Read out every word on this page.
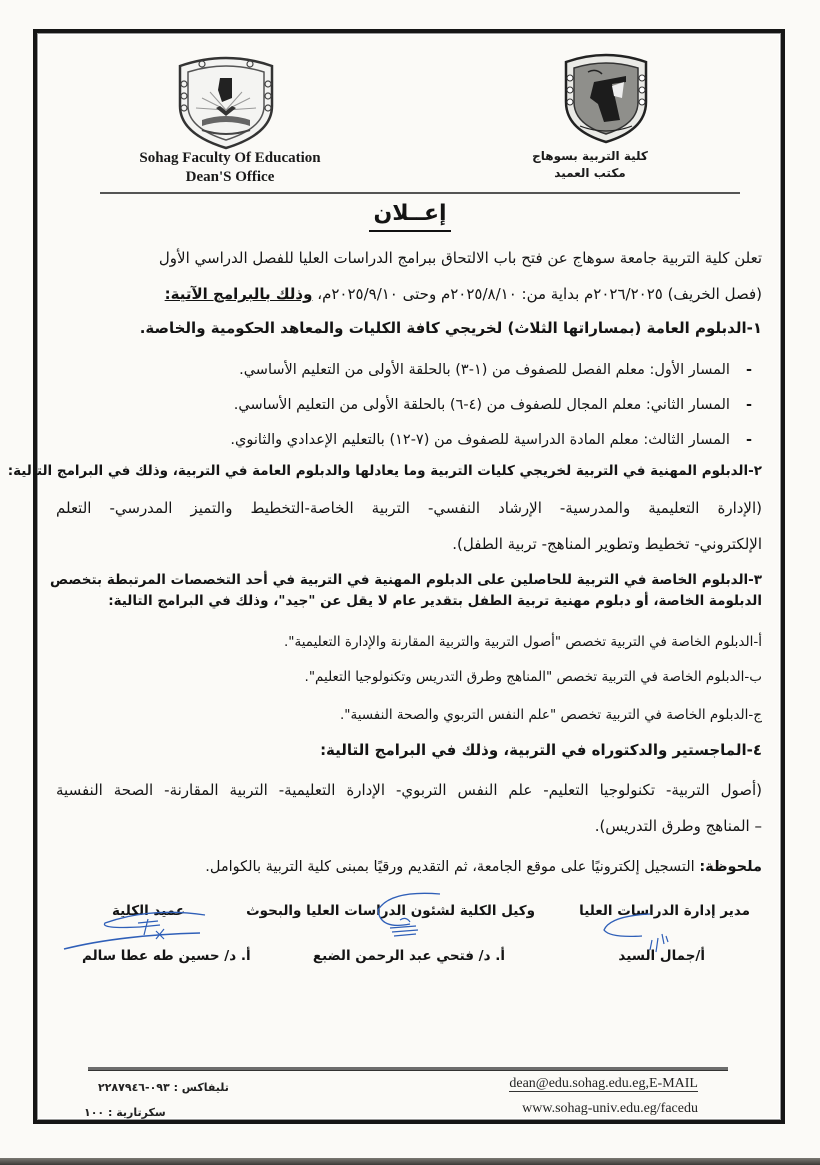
Sohag Faculty Of Education
Dean'S Office
كلية التربية بسوهاج
مكتب العميد
إعــلان
تعلن كلية التربية جامعة سوهاج عن فتح باب الالتحاق ببرامج الدراسات العليا للفصل الدراسي الأول
(فصل الخريف) ٢٠٢٦/٢٠٢٥م بداية من: ٢٠٢٥/٨/١٠م وحتى ٢٠٢٥/٩/١٠م، وذلك بالبرامج الآتية:
١-الدبلوم العامة (بمساراتها الثلاث) لخريجي كافة الكليات والمعاهد الحكومية والخاصة.
- المسار الأول: معلم الفصل للصفوف من (١-٣) بالحلقة الأولى من التعليم الأساسي.
- المسار الثاني: معلم المجال للصفوف من (٤-٦) بالحلقة الأولى من التعليم الأساسي.
- المسار الثالث: معلم المادة الدراسية للصفوف من (٧-١٢) بالتعليم الإعدادي والثانوي.
٢-الدبلوم المهنية في التربية لخريجي كليات التربية وما يعادلها والدبلوم العامة في التربية، وذلك في البرامج التالية:
(الإدارة التعليمية والمدرسية- الإرشاد النفسي- التربية الخاصة-التخطيط والتميز المدرسي- التعلم
الإلكتروني- تخطيط وتطوير المناهج- تربية الطفل).
٣-الدبلوم الخاصة في التربية للحاصلين على الدبلوم المهنية في التربية في أحد التخصصات المرتبطة بتخصص
الدبلومة الخاصة، أو دبلوم مهنية تربية الطفل بتقدير عام لا يقل عن "جيد"، وذلك في البرامج التالية:
أ-الدبلوم الخاصة في التربية تخصص "أصول التربية والتربية المقارنة والإدارة التعليمية".
ب-الدبلوم الخاصة في التربية تخصص "المناهج وطرق التدريس وتكنولوجيا التعليم".
ج-الدبلوم الخاصة في التربية تخصص "علم النفس التربوي والصحة النفسية".
٤-الماجستير والدكتوراه في التربية، وذلك في البرامج التالية:
(أصول التربية- تكنولوجيا التعليم- علم النفس التربوي- الإدارة التعليمية- التربية المقارنة- الصحة النفسية
– المناهج وطرق التدريس).
ملحوظة: التسجيل إلكترونيًا على موقع الجامعة، ثم التقديم ورقيًا بمبنى كلية التربية بالكوامل.
مدير إدارة الدراسات العليا
أ/جمال السيد
وكيل الكلية لشئون الدراسات العليا والبحوث
أ. د/ فتحي عبد الرحمن الضبع
عميد الكلية
أ. د/ حسين طه عطا سالم
dean@edu.sohag.edu.eg,E-MAIL
www.sohag-univ.edu.eg/facedu
تليفاكس : ٠٩٣-٢٢٨٧٩٤٦
سكرتارية : ١٠٠
